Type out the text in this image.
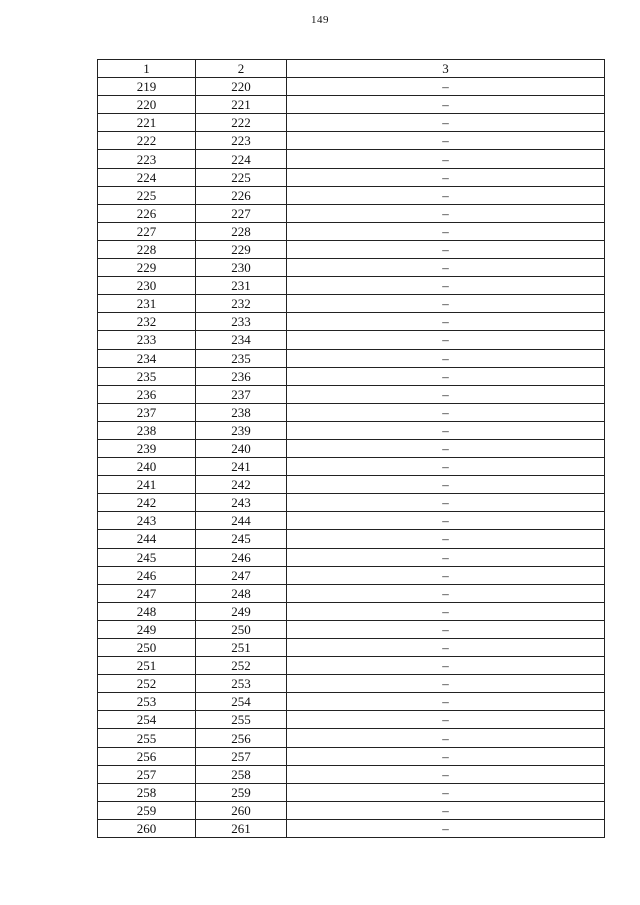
149
1	2	3
219	220	–
220	221	–
221	222	–
222	223	–
223	224	–
224	225	–
225	226	–
226	227	–
227	228	–
228	229	–
229	230	–
230	231	–
231	232	–
232	233	–
233	234	–
234	235	–
235	236	–
236	237	–
237	238	–
238	239	–
239	240	–
240	241	–
241	242	–
242	243	–
243	244	–
244	245	–
245	246	–
246	247	–
247	248	–
248	249	–
249	250	–
250	251	–
251	252	–
252	253	–
253	254	–
254	255	–
255	256	–
256	257	–
257	258	–
258	259	–
259	260	–
260	261	–
